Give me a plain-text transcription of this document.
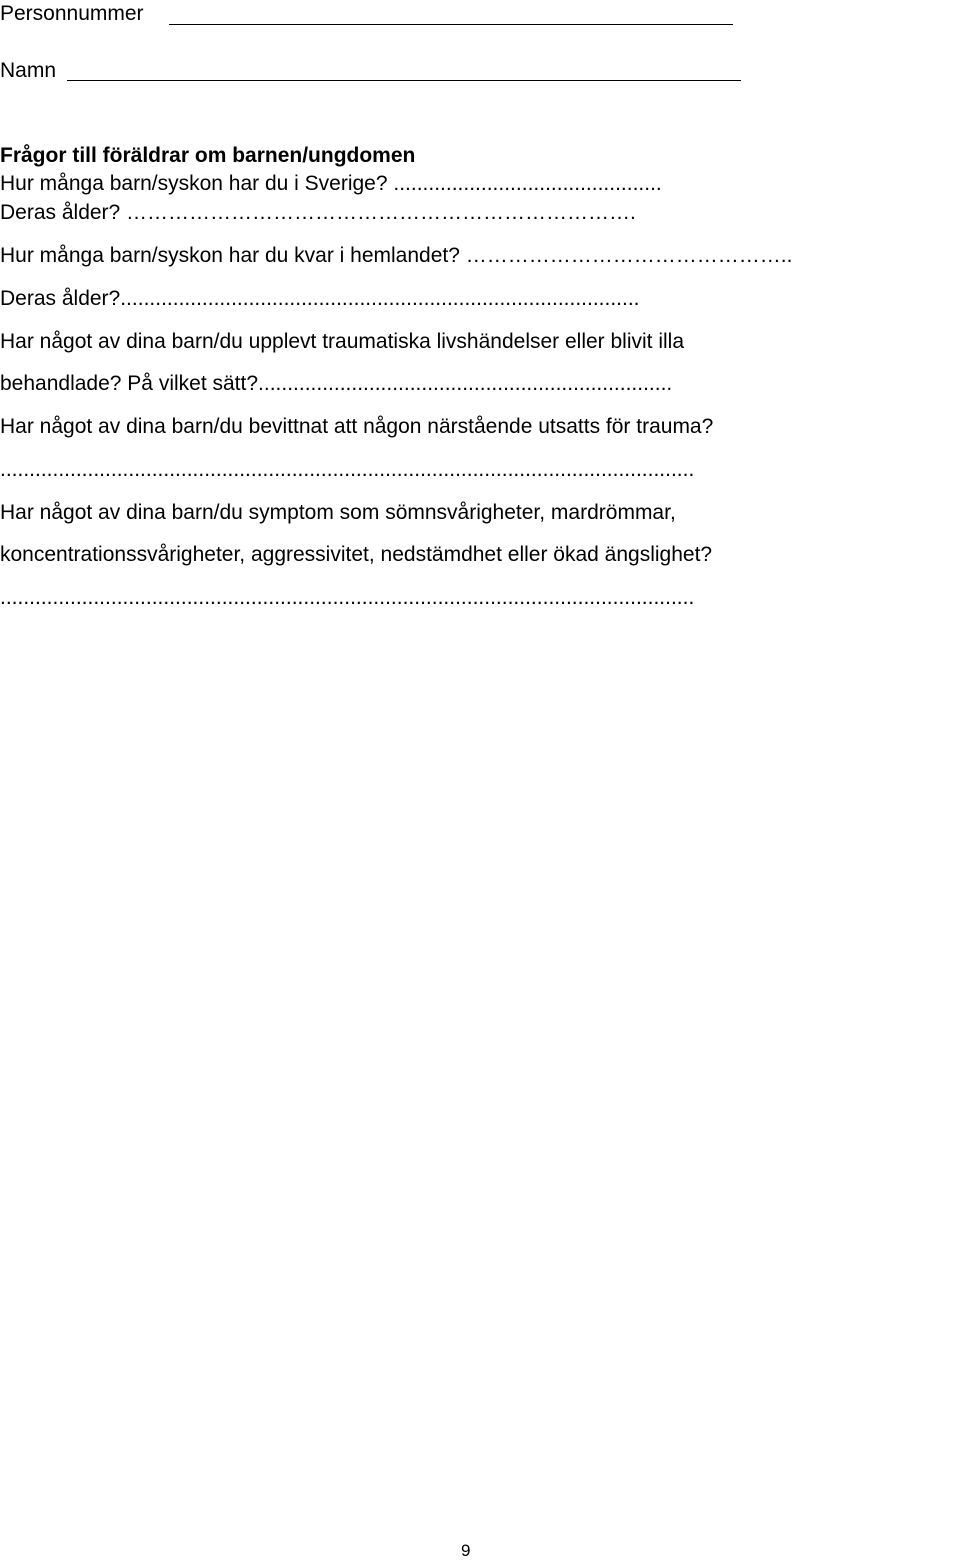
Personnummer
Namn
Frågor till föräldrar om barnen/ungdomen
Hur många barn/syskon har du i Sverige? ..............................................
Deras ålder? ……………………………………………………………….
Hur många barn/syskon har du kvar i hemlandet? ………………………………………..
Deras ålder?.........................................................................................
Har något av dina barn/du upplevt traumatiska livshändelser eller blivit illa
behandlade? På vilket sätt?.......................................................................
Har något av dina barn/du bevittnat att någon närstående utsatts för trauma?
.......................................................................................................................
Har något av dina barn/du symptom som sömnsvårigheter, mardrömmar,
koncentrationssvårigheter, aggressivitet, nedstämdhet eller ökad ängslighet?
.......................................................................................................................
9
